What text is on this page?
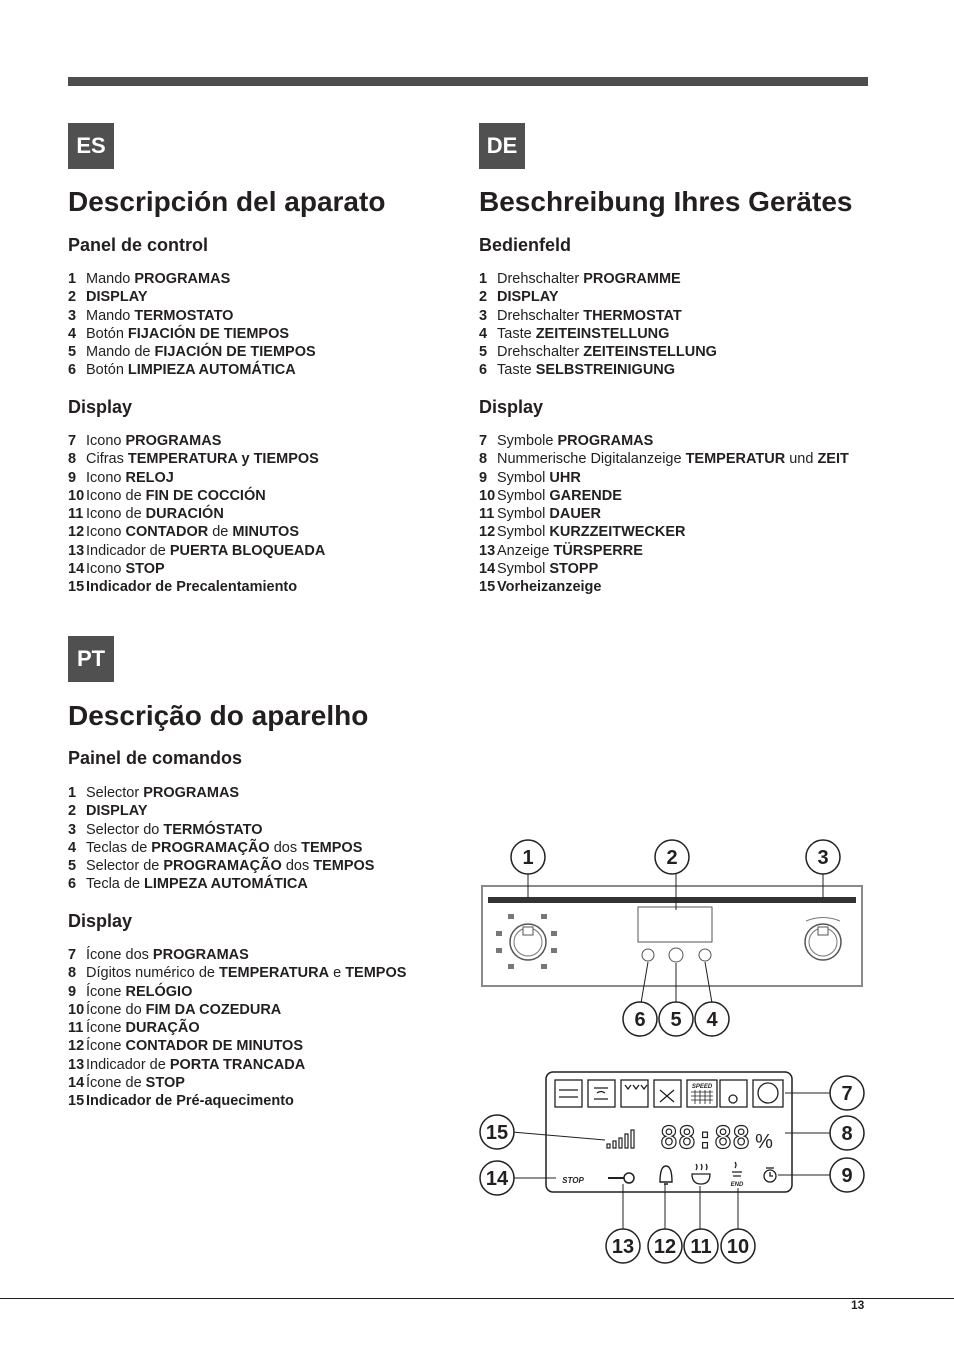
ES
Descripción del aparato
Panel de control
1 Mando PROGRAMAS
2 DISPLAY
3 Mando TERMOSTATO
4 Botón FIJACIÓN DE TIEMPOS
5 Mando de FIJACIÓN DE TIEMPOS
6 Botón LIMPIEZA AUTOMÁTICA
Display
7 Icono PROGRAMAS
8 Cifras TEMPERATURA y TIEMPOS
9 Icono RELOJ
10 Icono de FIN DE COCCIÓN
11 Icono de DURACIÓN
12 Icono CONTADOR de MINUTOS
13 Indicador de PUERTA BLOQUEADA
14 Icono STOP
15 Indicador de Precalentamiento
DE
Beschreibung Ihres Gerätes
Bedienfeld
1 Drehschalter PROGRAMME
2 DISPLAY
3 Drehschalter THERMOSTAT
4 Taste ZEITEINSTELLUNG
5 Drehschalter ZEITEINSTELLUNG
6 Taste SELBSTREINIGUNG
Display
7 Symbole PROGRAMAS
8 Nummerische Digitalanzeige TEMPERATUR und ZEIT
9 Symbol UHR
10 Symbol GARENDE
11 Symbol DAUER
12 Symbol KURZZEITWECKER
13 Anzeige TÜRSPERRE
14 Symbol STOPP
15 Vorheizanzeige
PT
Descrição do aparelho
Painel de comandos
1 Selector PROGRAMAS
2 DISPLAY
3 Selector do TERMÓSTATO
4 Teclas de PROGRAMAÇÃO dos TEMPOS
5 Selector de PROGRAMAÇÃO dos TEMPOS
6 Tecla de LIMPEZA AUTOMÁTICA
Display
7 Ícone dos PROGRAMAS
8 Dígitos numérico de TEMPERATURA e TEMPOS
9 Ícone RELÓGIO
10 Ícone do FIM DA COZEDURA
11 Ícone DURAÇÃO
12 Ícone CONTADOR DE MINUTOS
13 Indicador de PORTA TRANCADA
14 Ícone de STOP
15 Indicador de Pré-aquecimento
SPEED
88:88 %
STOP	END
1	2	3
4
5
6
7
8
9
10
11
12
13
14
15
13
